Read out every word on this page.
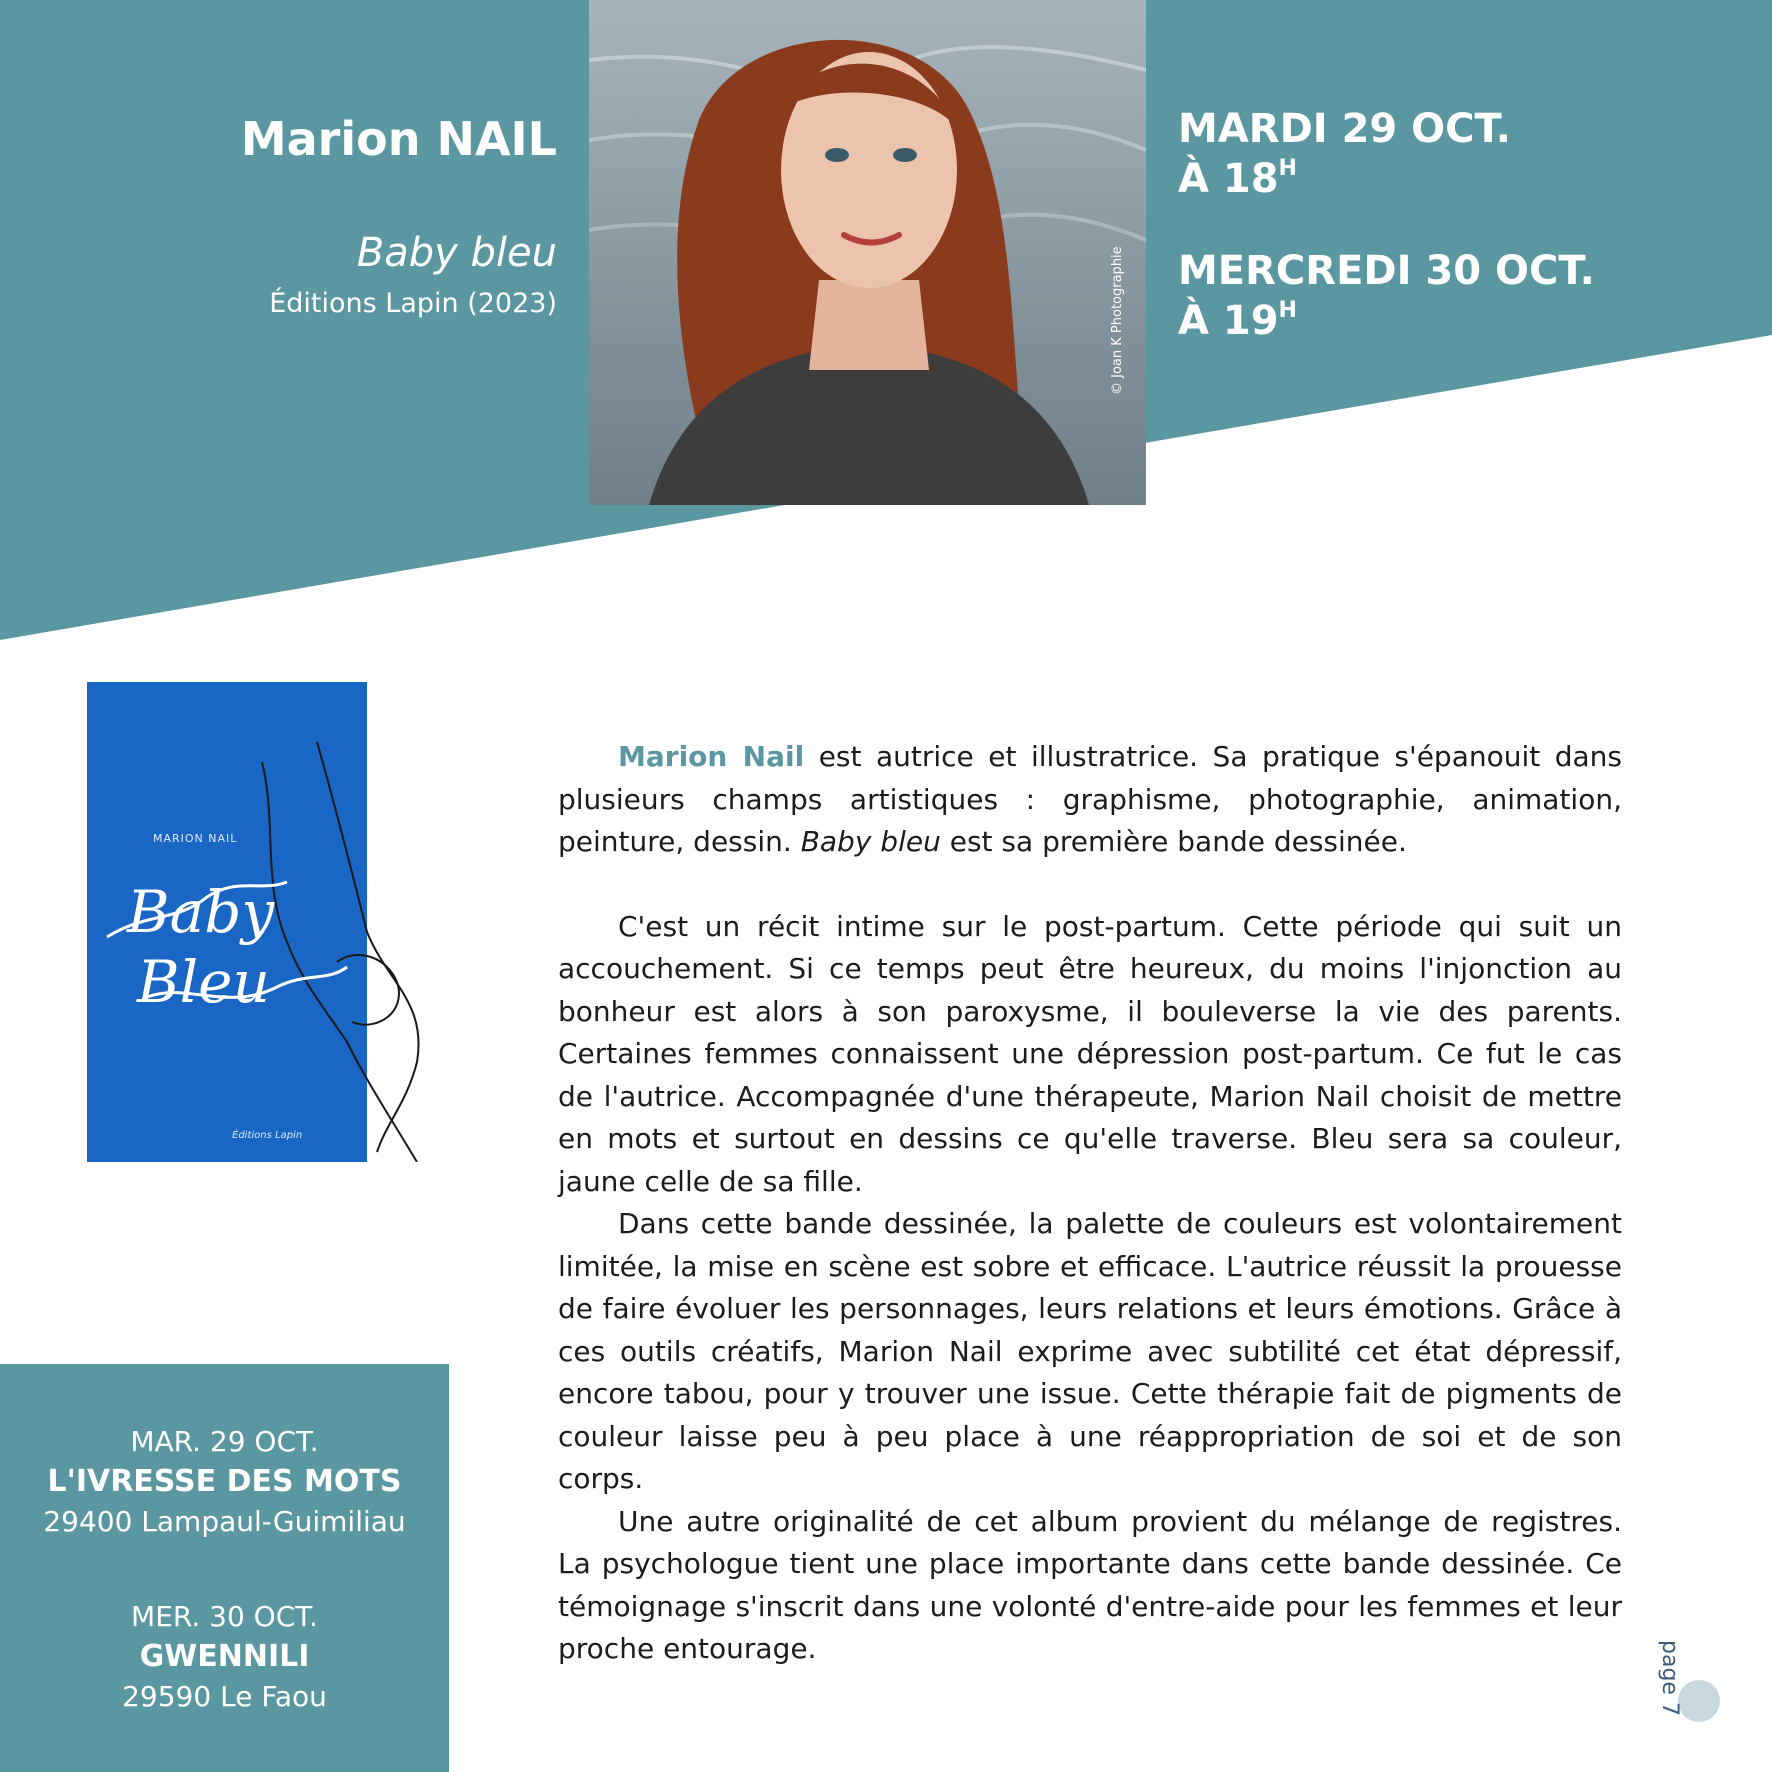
Marion NAIL
Baby bleu
Éditions Lapin (2023)	© Joan K Photographie
MARDI 29 OCT.
À $18^H$
MERCREDI 30 OCT.
À $19^H$
Baby
Bleu
MARION NAIL
Éditions Lapin
MAR. 29 OCT.
L'IVRESSE DES MOTS
29400 Lampaul-Guimiliau
MER. 30 OCT.
GWENNILI
29590 Le Faou

Marion Nail est autrice et illustratrice. Sa pratique s'épanouit dans plusieurs champs artistiques : graphisme, photographie, animation, peinture, dessin. Baby bleu est sa première bande dessinée.

C'est un récit intime sur le post-partum. Cette période qui suit un accouchement. Si ce temps peut être heureux, du moins l'injonction au bonheur est alors à son paroxysme, il bouleverse la vie des parents. Certaines femmes connaissent une dépression post-partum. Ce fut le cas de l'autrice. Accompagnée d'une thérapeute, Marion Nail choisit de mettre en mots et surtout en dessins ce qu'elle traverse. Bleu sera sa couleur, jaune celle de sa fille.

Dans cette bande dessinée, la palette de couleurs est volontairement limitée, la mise en scène est sobre et efficace. L'autrice réussit la prouesse de faire évoluer les personnages, leurs relations et leurs émotions. Grâce à ces outils créatifs, Marion Nail exprime avec subtilité cet état dépressif, encore tabou, pour y trouver une issue. Cette thérapie fait de pigments de couleur laisse peu à peu place à une réappropriation de soi et de son corps.

Une autre originalité de cet album provient du mélange de registres. La psychologue tient une place importante dans cette bande dessinée. Ce témoignage s'inscrit dans une volonté d'entre-aide pour les femmes et leur proche entourage.	page 7
